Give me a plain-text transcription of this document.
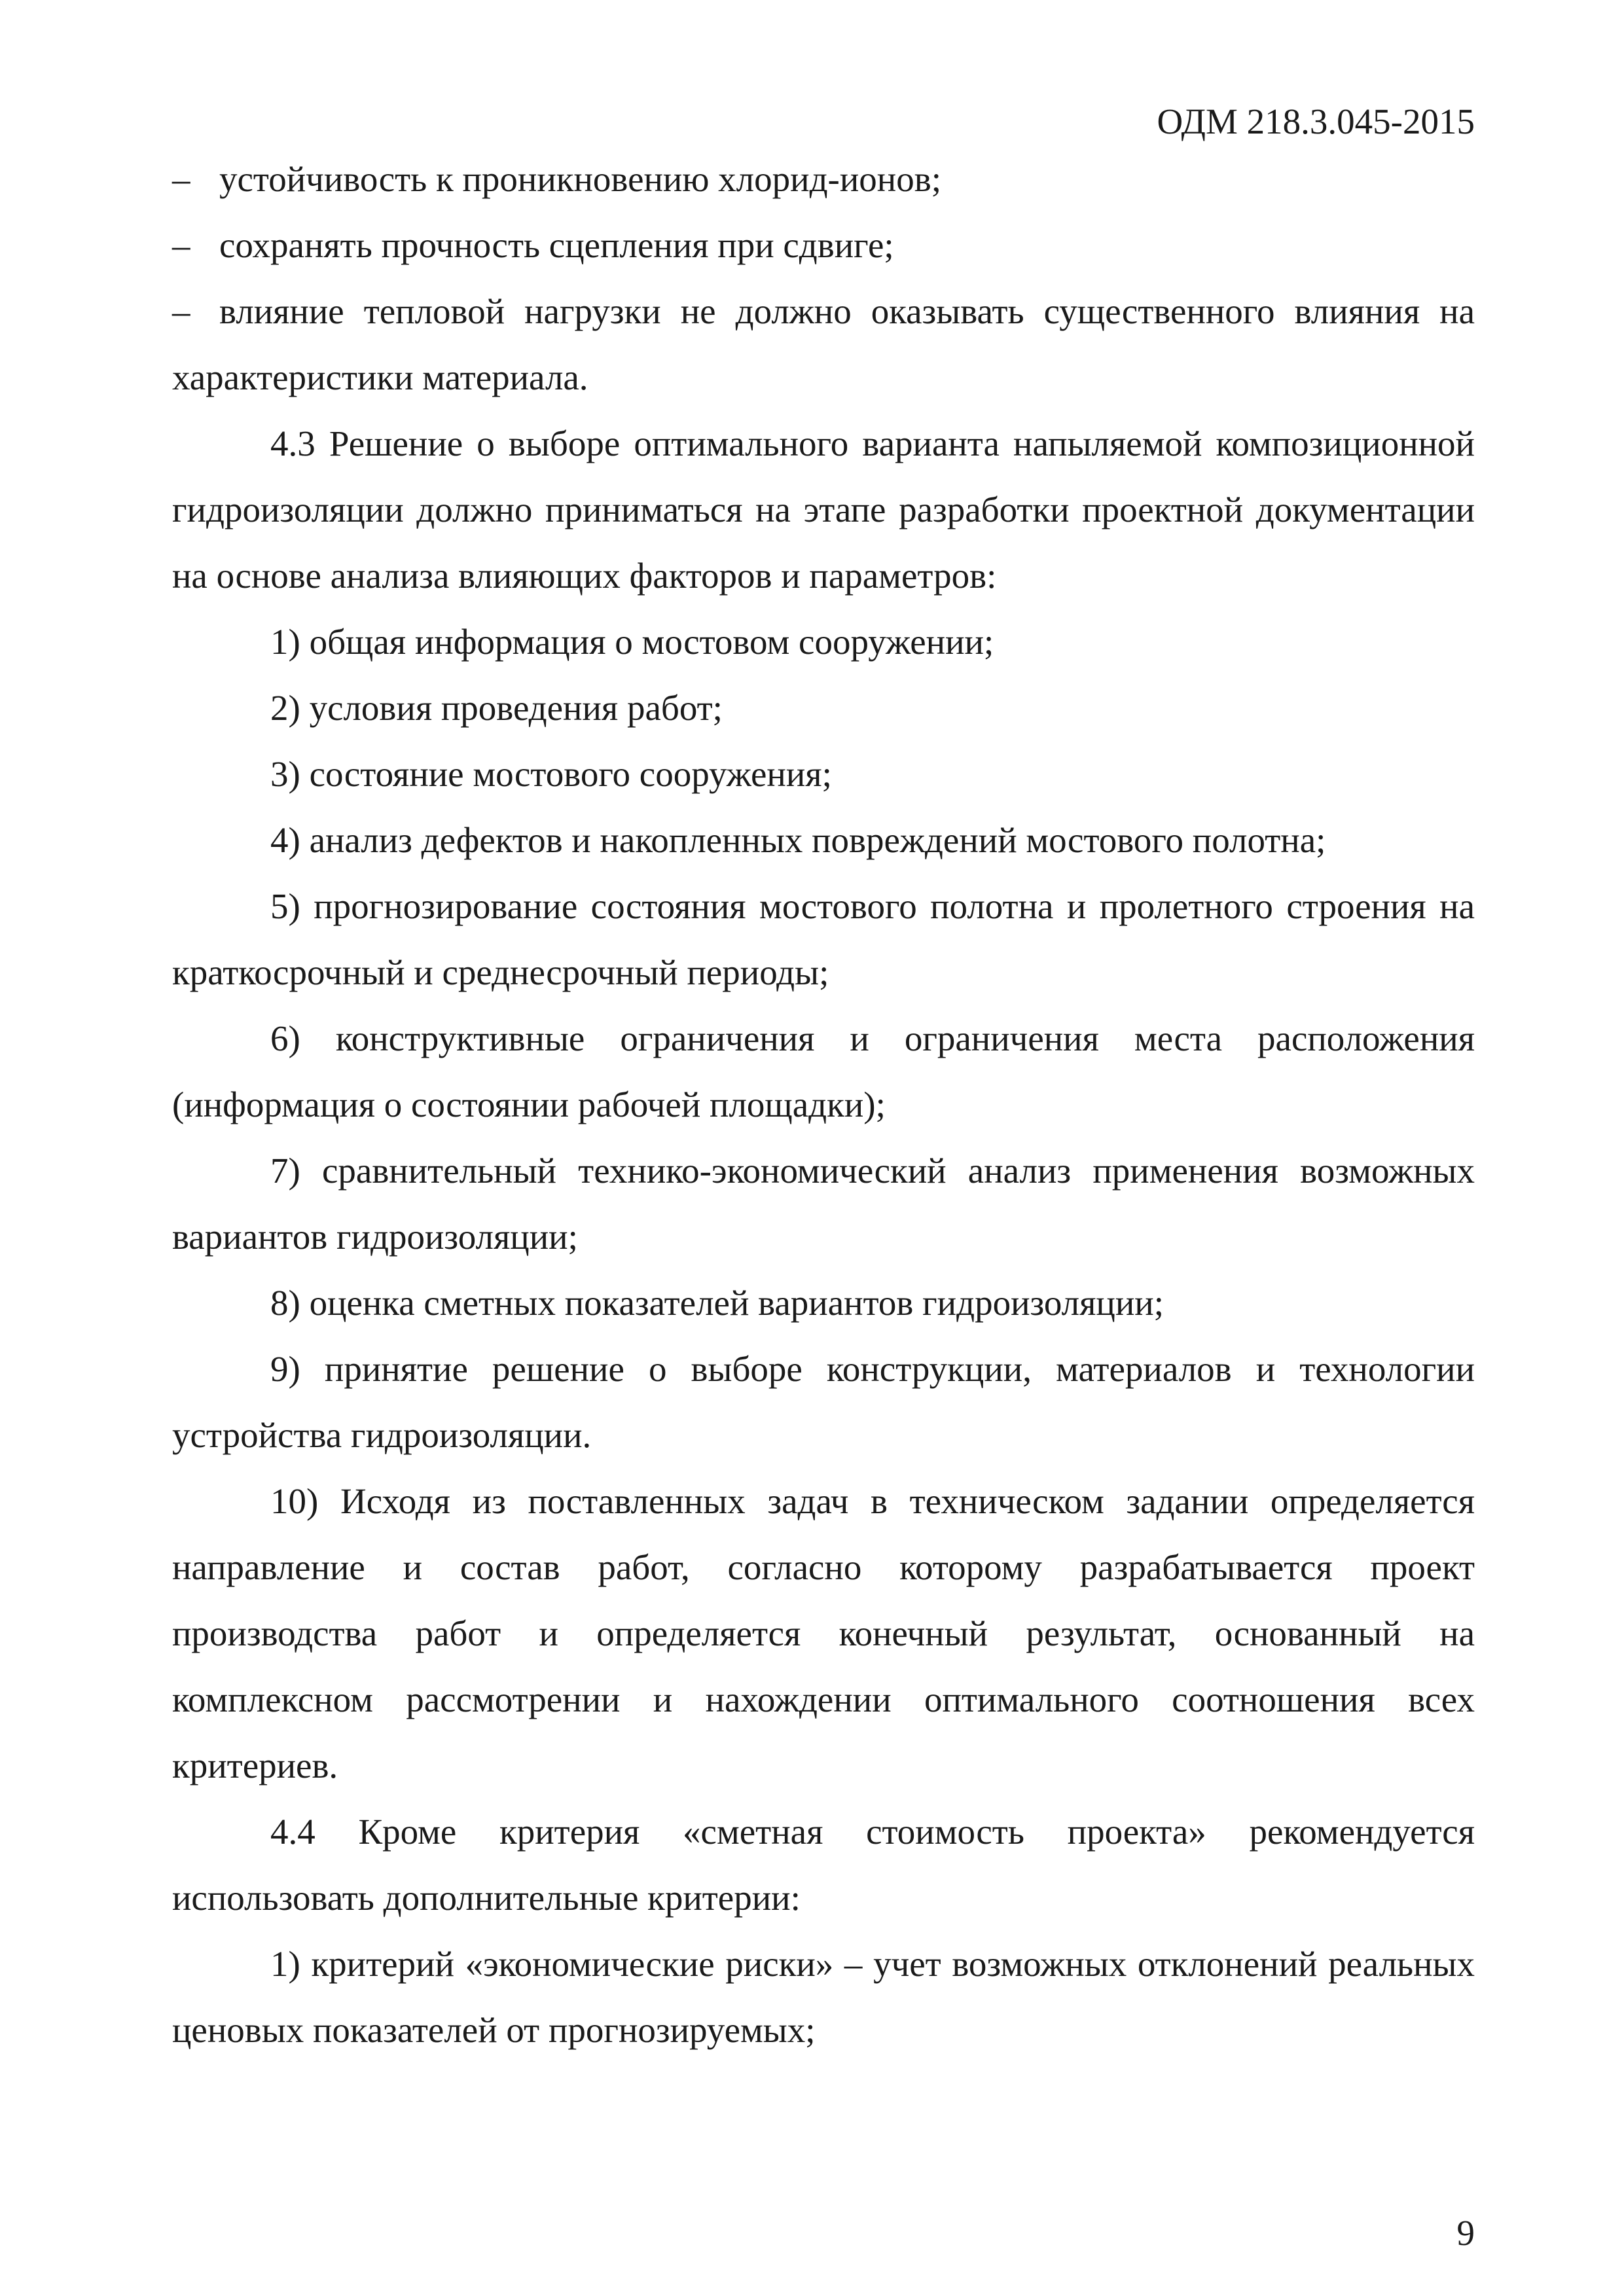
ОДМ 218.3.045-2015

– устойчивость к проникновению хлорид-ионов;

– сохранять прочность сцепления при сдвиге;

– влияние тепловой нагрузки не должно оказывать существенного влияния на характеристики материала.

4.3 Решение о выборе оптимального варианта напыляемой композиционной гидроизоляции должно приниматься на этапе разработки проектной документации на основе анализа влияющих факторов и параметров:

1) общая информация о мостовом сооружении;

2) условия проведения работ;

3) состояние мостового сооружения;

4) анализ дефектов и накопленных повреждений мостового полотна;

5) прогнозирование состояния мостового полотна и пролетного строения на краткосрочный и среднесрочный периоды;

6) конструктивные ограничения и ограничения места расположения (информация о состоянии рабочей площадки);

7) сравнительный технико-экономический анализ применения возможных вариантов гидроизоляции;

8) оценка сметных показателей вариантов гидроизоляции;

9) принятие решение о выборе конструкции, материалов и технологии устройства гидроизоляции.

10) Исходя из поставленных задач в техническом задании определяется направление и состав работ, согласно которому разрабатывается проект производства работ и определяется конечный результат, основанный на комплексном рассмотрении и нахождении оптимального соотношения всех критериев.

4.4 Кроме критерия «сметная стоимость проекта» рекомендуется использовать дополнительные критерии:

1) критерий «экономические риски» – учет возможных отклонений реальных ценовых показателей от прогнозируемых;

9
